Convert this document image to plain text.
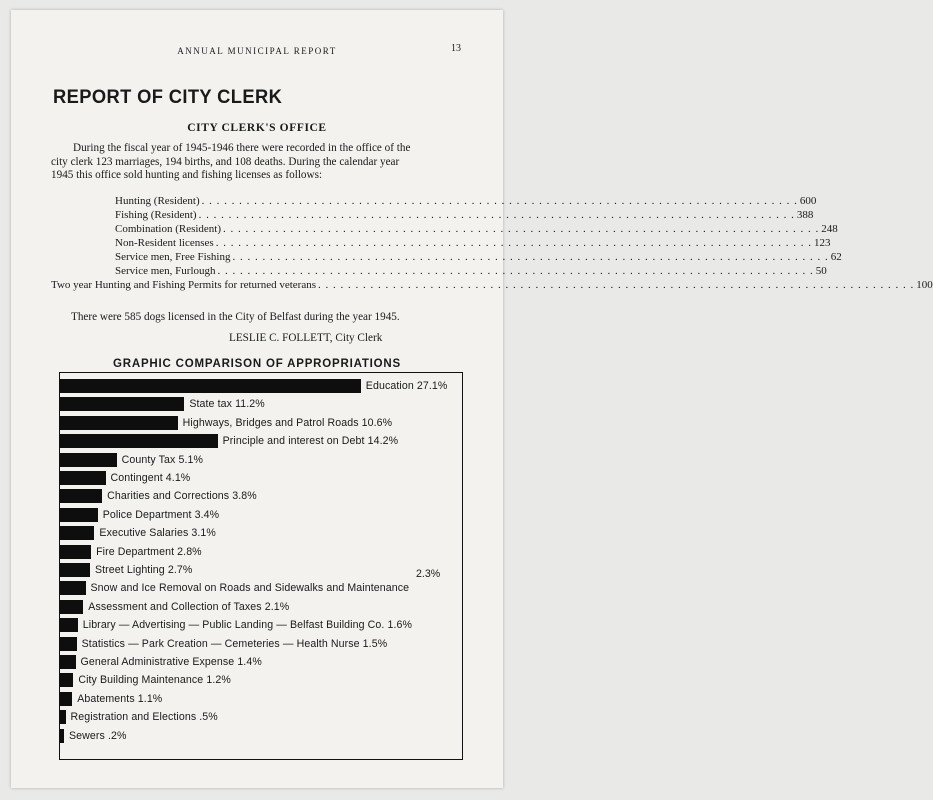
ANNUAL MUNICIPAL REPORT	13
REPORT OF CITY CLERK
CITY CLERK'S OFFICE
During the fiscal year of 1945-1946 there were recorded in the office of the
city clerk 123 marriages, 194 births, and 108 deaths. During the calendar year
1945 this office sold hunting and fishing licenses as follows:
Hunting (Resident) . . . . . . . . . . . . . . . . . . . . . . . . . . . . . . . . . . . . . . . . . . . . . . . . . . . . . . . . . . . . . . . . . . . . . . . . . . . . . . . . 600
Fishing (Resident) . . . . . . . . . . . . . . . . . . . . . . . . . . . . . . . . . . . . . . . . . . . . . . . . . . . . . . . . . . . . . . . . . . . . . . . . . . . . . . . . 388
Combination (Resident) . . . . . . . . . . . . . . . . . . . . . . . . . . . . . . . . . . . . . . . . . . . . . . . . . . . . . . . . . . . . . . . . . . . . . . . . . . . . . . . . 248
Non-Resident licenses . . . . . . . . . . . . . . . . . . . . . . . . . . . . . . . . . . . . . . . . . . . . . . . . . . . . . . . . . . . . . . . . . . . . . . . . . . . . . . . . 123
Service men, Free Fishing . . . . . . . . . . . . . . . . . . . . . . . . . . . . . . . . . . . . . . . . . . . . . . . . . . . . . . . . . . . . . . . . . . . . . . . . . . . . . . . . 62
Service men, Furlough . . . . . . . . . . . . . . . . . . . . . . . . . . . . . . . . . . . . . . . . . . . . . . . . . . . . . . . . . . . . . . . . . . . . . . . . . . . . . . . . 50
Two year Hunting and Fishing Permits for returned veterans . . . . . . . . . . . . . . . . . . . . . . . . . . . . . . . . . . . . . . . . . . . . . . . . . . . . . . . . . . . . . . . . . . . . . . . . . . . . . . . . 100
There were 585 dogs licensed in the City of Belfast during the year 1945.
LESLIE C. FOLLETT, City Clerk
GRAPHIC COMPARISON OF APPROPRIATIONS
Education 27.1%
State tax 11.2%
Highways, Bridges and Patrol Roads 10.6%
Principle and interest on Debt 14.2%
County Tax 5.1%
Contingent 4.1%
Charities and Corrections 3.8%
Police Department 3.4%
Executive Salaries 3.1%
Fire Department 2.8%
Street Lighting 2.7%
Snow and Ice Removal on Roads and Sidewalks and Maintenance
Assessment and Collection of Taxes 2.1%
Library — Advertising — Public Landing — Belfast Building Co. 1.6%
Statistics — Park Creation — Cemeteries — Health Nurse 1.5%
General Administrative Expense 1.4%
City Building Maintenance 1.2%
Abatements 1.1%
Registration and Elections .5%
Sewers .2%
2.3%
